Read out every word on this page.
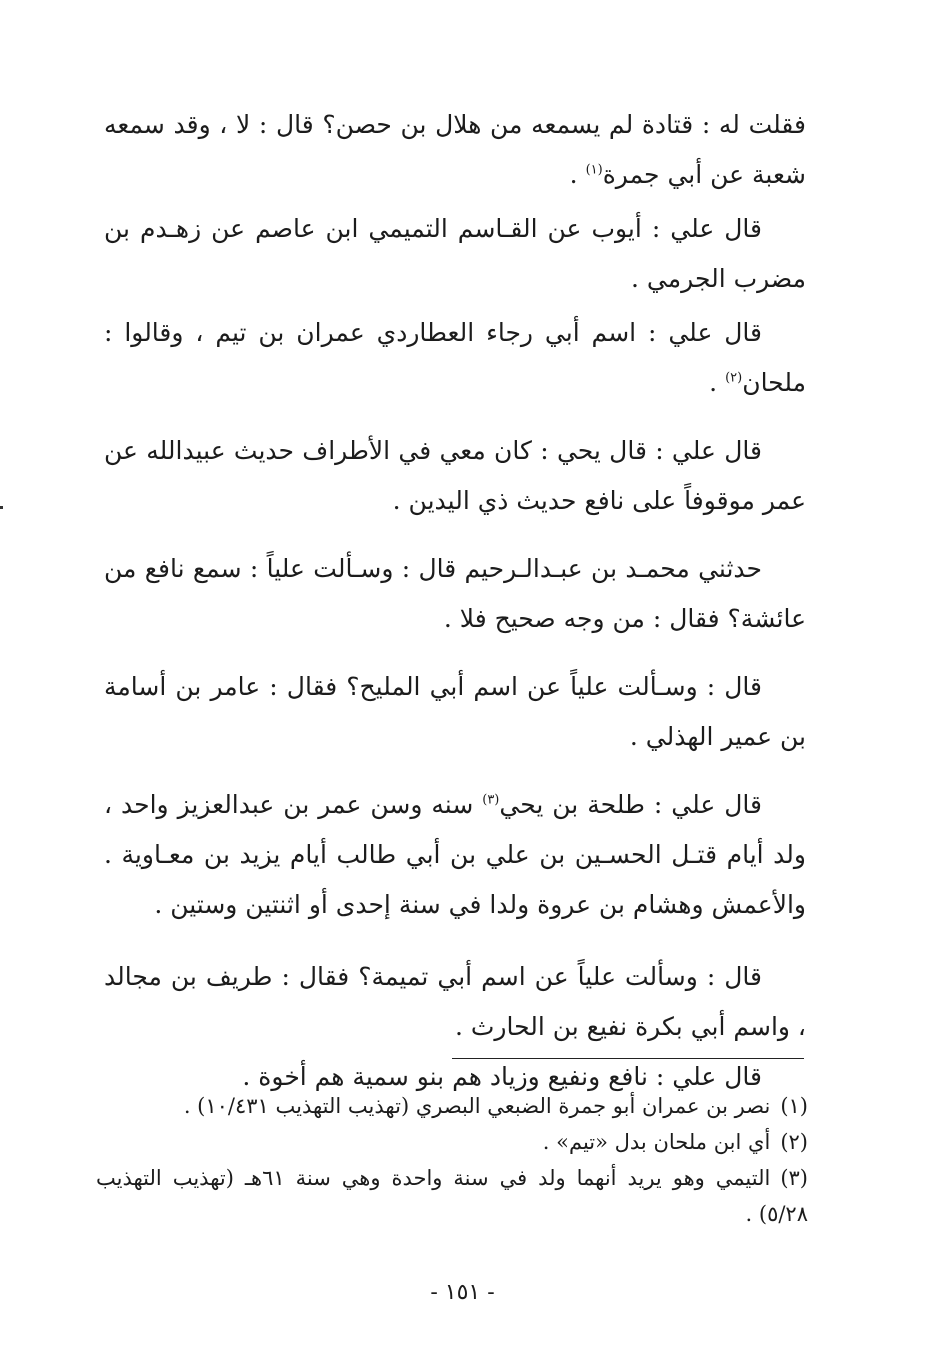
فقلت له : قتادة لم يسمعه من هلال بن حصن؟ قال : لا ، وقد سمعه شعبة عن أبي جمرة$^{(١)}$ .

قال علي : أيوب عن القـاسم التميمي ابن عاصم عن زهـدم بن مضرب الجرمي .

قال علي : اسم أبي رجاء العطاردي عمران بن تيم ، وقالوا : ملحان$^{(٢)}$ .

قال علي : قال يحي : كان معي في الأطراف حديث عبيدالله عن عمر موقوفاً على نافع حديث ذي اليدين .

حدثني محمـد بن عبـدالـرحيم قال : وسـألت علياً : سمع نافع من عائشة؟ فقال : من وجه صحيح فلا .

قال : وسـألت علياً عن اسم أبي المليح؟ فقال : عامر بن أسامة بن عمير الهذلي .

قال علي : طلحة بن يحي$^{(٣)}$ سنه وسن عمر بن عبدالعزيز واحد ، ولد أيام قتـل الحسـين بن علي بن أبي طالب أيام يزيد بن معـاوية . والأعمش وهشام بن عروة ولدا في سنة إحدى أو اثنتين وستين .

قال : وسألت علياً عن اسم أبي تميمة؟ فقال : طريف بن مجالد ، واسم أبي بكرة نفيع بن الحارث .

قال علي : نافع ونفيع وزياد هم بنو سمية هم أخوة .

(١)نصر بن عمران أبو جمرة الضبعي البصري (تهذيب التهذيب ١٠/٤٣١) .

(٢)أي ابن ملحان بدل «تيم» .

(٣)التيمي وهو يريد أنهما ولد في سنة واحدة وهي سنة ٦١هـ (تهذيب التهذيب ٥/٢٨) .

- ١٥١ -
